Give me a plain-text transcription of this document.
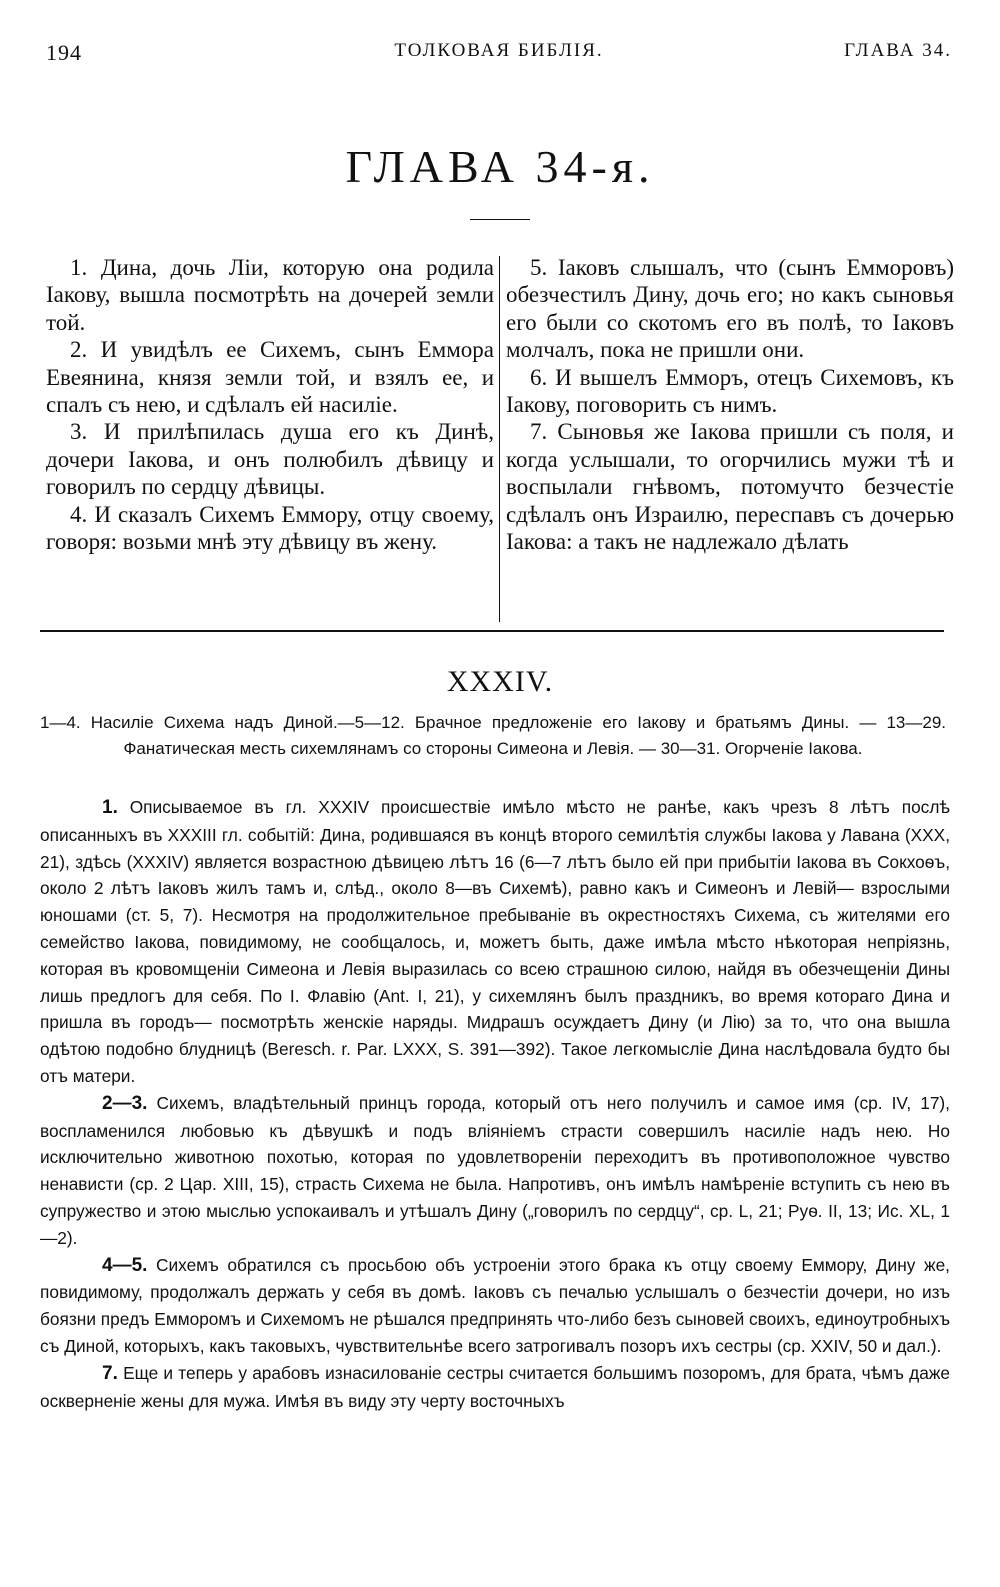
194	ТОЛКОВАЯ БИБЛІЯ.	ГЛАВА 34.
ГЛАВА 34-я.

1. Дина, дочь Ліи, которую она родила Іакову, вышла посмотрѣть на дочерей земли той.

2. И увидѣлъ ее Сихемъ, сынъ Еммора Евеянина, князя земли той, и взялъ ее, и спалъ съ нею, и сдѣлалъ ей насиліе.

3. И прилѣпилась душа его къ Динѣ, дочери Іакова, и онъ полюбилъ дѣвицу и говорилъ по сердцу дѣвицы.

4. И сказалъ Сихемъ Еммору, отцу своему, говоря: возьми мнѣ эту дѣвицу въ жену.

5. Іаковъ слышалъ, что (сынъ Емморовъ) обезчестилъ Дину, дочь его; но какъ сыновья его были со скотомъ его въ полѣ, то Іаковъ молчалъ, пока не пришли они.

6. И вышелъ Емморъ, отецъ Сихемовъ, къ Іакову, поговорить съ нимъ.

7. Сыновья же Іакова пришли съ поля, и когда услышали, то огорчились мужи тѣ и воспылали гнѣвомъ, потомучто безчестіе сдѣлалъ онъ Израилю, переспавъ съ дочерью Іакова: а такъ не надлежало дѣлать

XXXIV.
1—4. Насиліе Сихема надъ Диной.—5—12. Брачное предложеніе его Іакову и братьямъ Дины. — 13—29. Фанатическая месть сихемлянамъ со стороны Симеона и Левія. — 30—31. Огорченіе Іакова.

1. Описываемое въ гл. XXXIV происшествіе имѣло мѣсто не ранѣе, какъ чрезъ 8 лѣтъ послѣ описанныхъ въ XXXIII гл. событій: Дина, родившаяся въ концѣ второго семилѣтія службы Іакова у Лавана (XXX, 21), здѣсь (XXXIV) является возрастною дѣвицею лѣтъ 16 (6—7 лѣтъ было ей при прибытіи Іакова въ Сокхоѳъ, около 2 лѣтъ Іаковъ жилъ тамъ и, слѣд., около 8—въ Сихемѣ), равно какъ и Симеонъ и Левій— взрослыми юношами (ст. 5, 7). Несмотря на продолжительное пребываніе въ окрестностяхъ Сихема, съ жителями его семейство Іакова, повидимому, не сообщалось, и, можетъ быть, даже имѣла мѣсто нѣкоторая непріязнь, которая въ кровомщеніи Симеона и Левія выразилась со всею страшною силою, найдя въ обезчещеніи Дины лишь предлогъ для себя. По I. Флавію (Ant. I, 21), у сихемлянъ былъ праздникъ, во время котораго Дина и пришла въ городъ— посмотрѣть женскіе наряды. Мидрашъ осуждаетъ Дину (и Лію) за то, что она вышла одѣтою подобно блудницѣ (Beresch. r. Par. LXXX, S. 391—392). Такое легкомысліе Дина наслѣдовала будто бы отъ матери.

2—3. Сихемъ, владѣтельный принцъ города, который отъ него получилъ и самое имя (ср. IV, 17), воспламенился любовью къ дѣвушкѣ и подъ вліяніемъ страсти совершилъ насиліе надъ нею. Но исключительно животною похотью, которая по удовлетвореніи переходитъ въ противоположное чувство ненависти (ср. 2 Цар. XIII, 15), страсть Сихема не была. Напротивъ, онъ имѣлъ намѣреніе вступить съ нею въ супружество и этою мыслью успокаивалъ и утѣшалъ Дину („говорилъ по сердцу“, ср. L, 21; Руѳ. II, 13; Ис. XL, 1—2).

4—5. Сихемъ обратился съ просьбою объ устроеніи этого брака къ отцу своему Еммору, Дину же, повидимому, продолжалъ держать у себя въ домѣ. Іаковъ съ печалью услышалъ о безчестіи дочери, но изъ боязни предъ Емморомъ и Сихемомъ не рѣшался предпринять что-либо безъ сыновей своихъ, единоутробныхъ съ Диной, которыхъ, какъ таковыхъ, чувствительнѣе всего затрогивалъ позоръ ихъ сестры (ср. XXIV, 50 и дал.).

7. Еще и теперь у арабовъ изнасилованіе сестры считается большимъ позоромъ, для брата, чѣмъ даже оскверненіе жены для мужа. Имѣя въ виду эту черту восточныхъ
